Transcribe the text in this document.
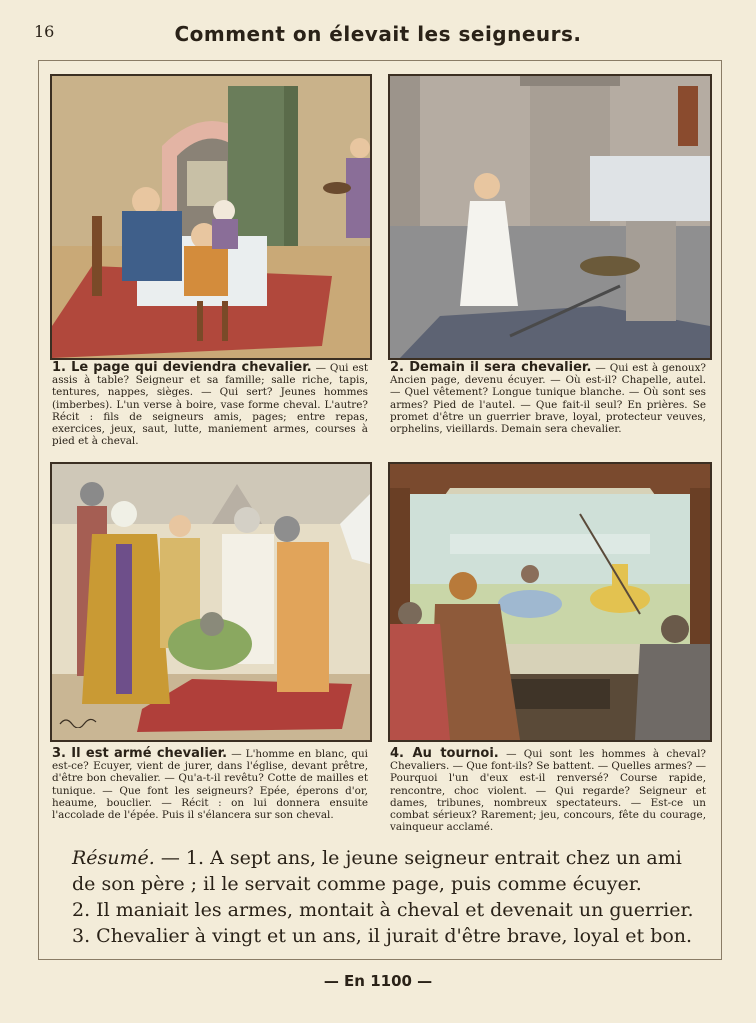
16	Comment on élevait les seigneurs.
1. Le page qui deviendra chevalier. — Qui est assis à table? Seigneur et sa famille; salle riche, tapis, tentures, nappes, sièges. — Qui sert? Jeunes hommes (imberbes). L'un verse à boire, vase forme cheval. L'autre? Récit : fils de seigneurs amis, pages; entre repas, exercices, jeux, saut, lutte, maniement armes, courses à pied et à cheval.
2. Demain il sera chevalier. — Qui est à genoux? Ancien page, devenu écuyer. — Où est-il? Chapelle, autel. — Quel vêtement? Longue tunique blanche. — Où sont ses armes? Pied de l'autel. — Que fait-il seul? En prières. Se promet d'être un guerrier brave, loyal, protecteur veuves, orphelins, vieillards. Demain sera chevalier.
3. Il est armé chevalier. — L'homme en blanc, qui est-ce? Ecuyer, vient de jurer, dans l'église, devant prêtre, d'être bon chevalier. — Qu'a-t-il revêtu? Cotte de mailles et tunique. — Que font les seigneurs? Epée, éperons d'or, heaume, bouclier. — Récit : on lui donnera ensuite l'accolade de l'épée. Puis il s'élancera sur son cheval.
4. Au tournoi. — Qui sont les hommes à cheval? Chevaliers. — Que font-ils? Se battent. — Quelles armes? — Pourquoi l'un d'eux est-il renversé? Course rapide, rencontre, choc violent. — Qui regarde? Seigneur et dames, tribunes, nombreux spectateurs. — Est-ce un combat sérieux? Rarement; jeu, concours, fête du courage, vainqueur acclamé.

Résumé. — 1. A sept ans, le jeune seigneur entrait chez un ami

de son père ; il le servait comme page, puis comme écuyer.

2. Il maniait les armes, montait à cheval et devenait un guerrier.

3. Chevalier à vingt et un ans, il jurait d'être brave, loyal et bon.

— En 1100 —
